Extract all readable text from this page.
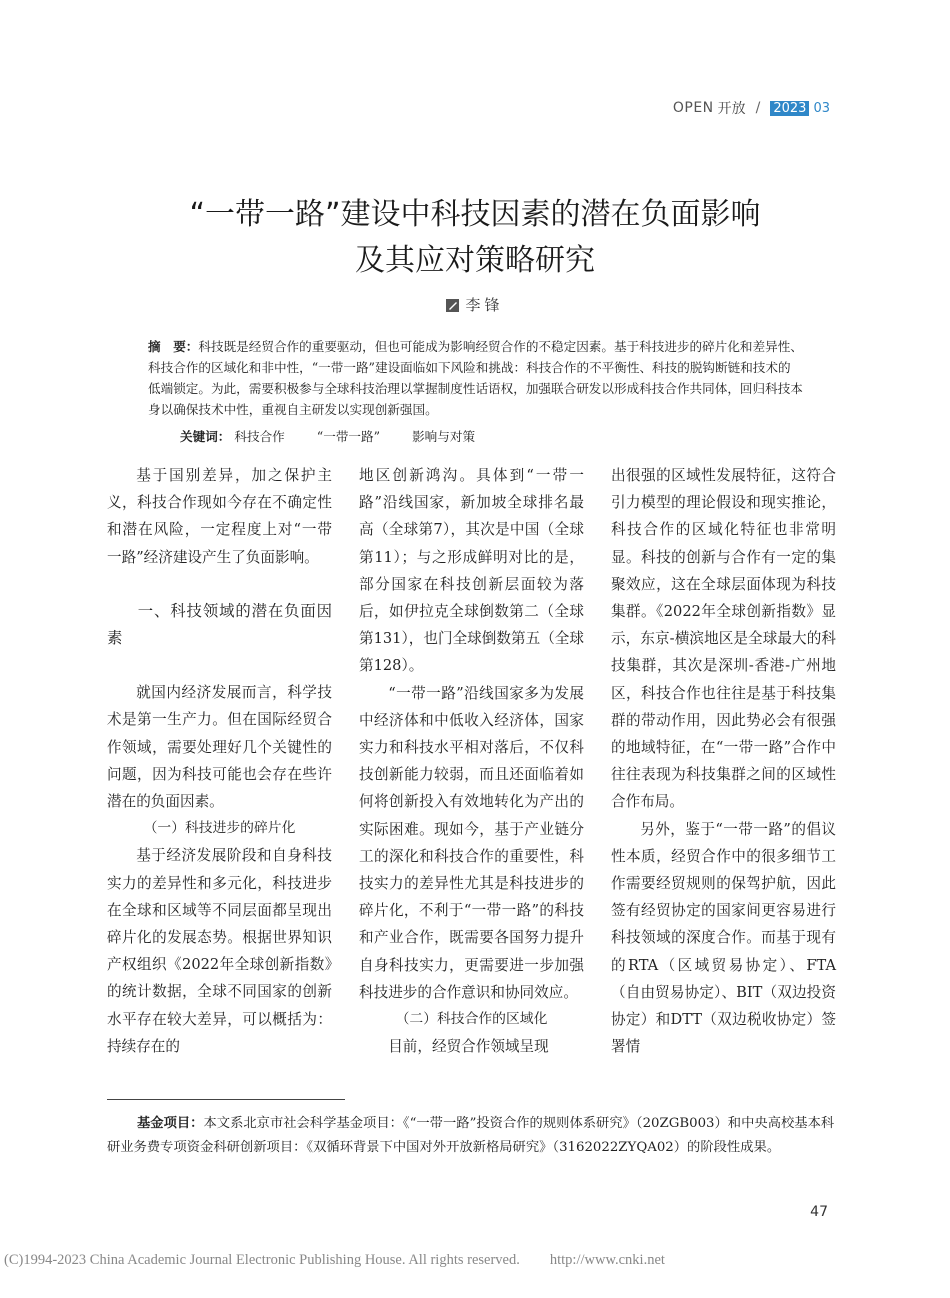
OPEN 开放 / 2023 03
“一带一路”建设中科技因素的潜在负面影响
及其应对策略研究
李锋
摘　要：科技既是经贸合作的重要驱动，但也可能成为影响经贸合作的不稳定因素。基于科技进步的碎片化和差异性、科技合作的区域化和非中性，“一带一路”建设面临如下风险和挑战：科技合作的不平衡性、科技的脱钩断链和技术的低端锁定。为此，需要积极参与全球科技治理以掌握制度性话语权，加强联合研发以形成科技合作共同体，回归科技本身以确保技术中性，重视自主研发以实现创新强国。
关键词： 科技合作	“一带一路”	影响与对策

基于国别差异，加之保护主义，科技合作现如今存在不确定性和潜在风险，一定程度上对“一带一路”经济建设产生了负面影响。

一、科技领域的潜在负面因素

就国内经济发展而言，科学技术是第一生产力。但在国际经贸合作领域，需要处理好几个关键性的问题，因为科技可能也会存在些许潜在的负面因素。

（一）科技进步的碎片化

基于经济发展阶段和自身科技实力的差异性和多元化，科技进步在全球和区域等不同层面都呈现出碎片化的发展态势。根据世界知识产权组织《2022年全球创新指数》的统计数据，全球不同国家的创新水平存在较大差异，可以概括为：持续存在的

地区创新鸿沟。具体到“一带一路”沿线国家，新加坡全球排名最高（全球第7），其次是中国（全球第11）；与之形成鲜明对比的是，部分国家在科技创新层面较为落后，如伊拉克全球倒数第二（全球第131），也门全球倒数第五（全球第128）。

“一带一路”沿线国家多为发展中经济体和中低收入经济体，国家实力和科技水平相对落后，不仅科技创新能力较弱，而且还面临着如何将创新投入有效地转化为产出的实际困难。现如今，基于产业链分工的深化和科技合作的重要性，科技实力的差异性尤其是科技进步的碎片化，不利于“一带一路”的科技和产业合作，既需要各国努力提升自身科技实力，更需要进一步加强科技进步的合作意识和协同效应。

（二）科技合作的区域化

目前，经贸合作领域呈现

出很强的区域性发展特征，这符合引力模型的理论假设和现实推论，科技合作的区域化特征也非常明显。科技的创新与合作有一定的集聚效应，这在全球层面体现为科技集群。《2022年全球创新指数》显示，东京-横滨地区是全球最大的科技集群，其次是深圳-香港-广州地区，科技合作也往往是基于科技集群的带动作用，因此势必会有很强的地域特征，在“一带一路”合作中往往表现为科技集群之间的区域性合作布局。

另外，鉴于“一带一路”的倡议性本质，经贸合作中的很多细节工作需要经贸规则的保驾护航，因此签有经贸协定的国家间更容易进行科技领域的深度合作。而基于现有的RTA（区域贸易协定）、FTA（自由贸易协定）、BIT（双边投资协定）和DTT（双边税收协定）签署情

基金项目：本文系北京市社会科学基金项目：《“一带一路”投资合作的规则体系研究》（20ZGB003）和中央高校基本科研业务费专项资金科研创新项目：《双循环背景下中国对外开放新格局研究》（3162022ZYQA02）的阶段性成果。
47
(C)1994-2023 China Academic Journal Electronic Publishing House. All rights reserved. http://www.cnki.net
